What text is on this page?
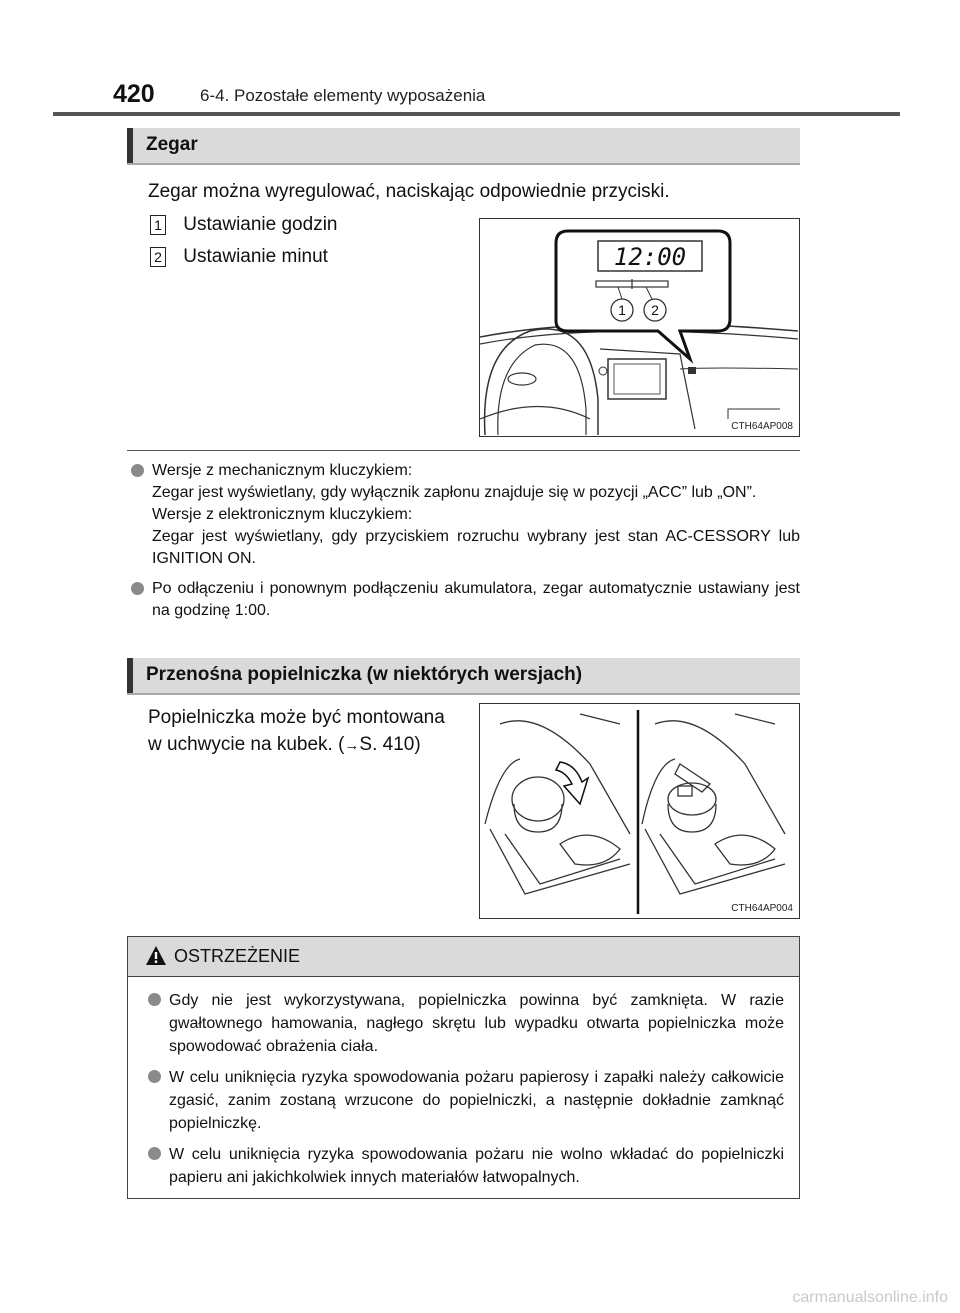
420	6-4. Pozostałe elementy wyposażenia
Zegar
Zegar można wyregulować, naciskając odpowiednie przyciski.
1 Ustawianie godzin
2 Ustawianie minut	12:00
1 2
CTH64AP008
Wersje z mechanicznym kluczykiem:
Zegar jest wyświetlany, gdy wyłącznik zapłonu znajduje się w pozycji „ACC” lub „ON”.
Wersje z elektronicznym kluczykiem:
Zegar jest wyświetlany, gdy przyciskiem rozruchu wybrany jest stan AC-CESSORY lub IGNITION ON.
Po odłączeniu i ponownym podłączeniu akumulatora, zegar automatycznie ustawiany jest na godzinę 1:00.
Przenośna popielniczka (w niektórych wersjach)
Popielniczka może być montowana
w uchwycie na kubek. (→S. 410)
CTH64AP004
OSTRZEŻENIE
Gdy nie jest wykorzystywana, popielniczka powinna być zamknięta. W razie gwałtownego hamowania, nagłego skrętu lub wypadku otwarta popielniczka może spowodować obrażenia ciała.
W celu uniknięcia ryzyka spowodowania pożaru papierosy i zapałki należy całkowicie zgasić, zanim zostaną wrzucone do popielniczki, a następnie dokładnie zamknąć popielniczkę.
W celu uniknięcia ryzyka spowodowania pożaru nie wolno wkładać do popielniczki papieru ani jakichkolwiek innych materiałów łatwopalnych.
carmanualsonline.info
